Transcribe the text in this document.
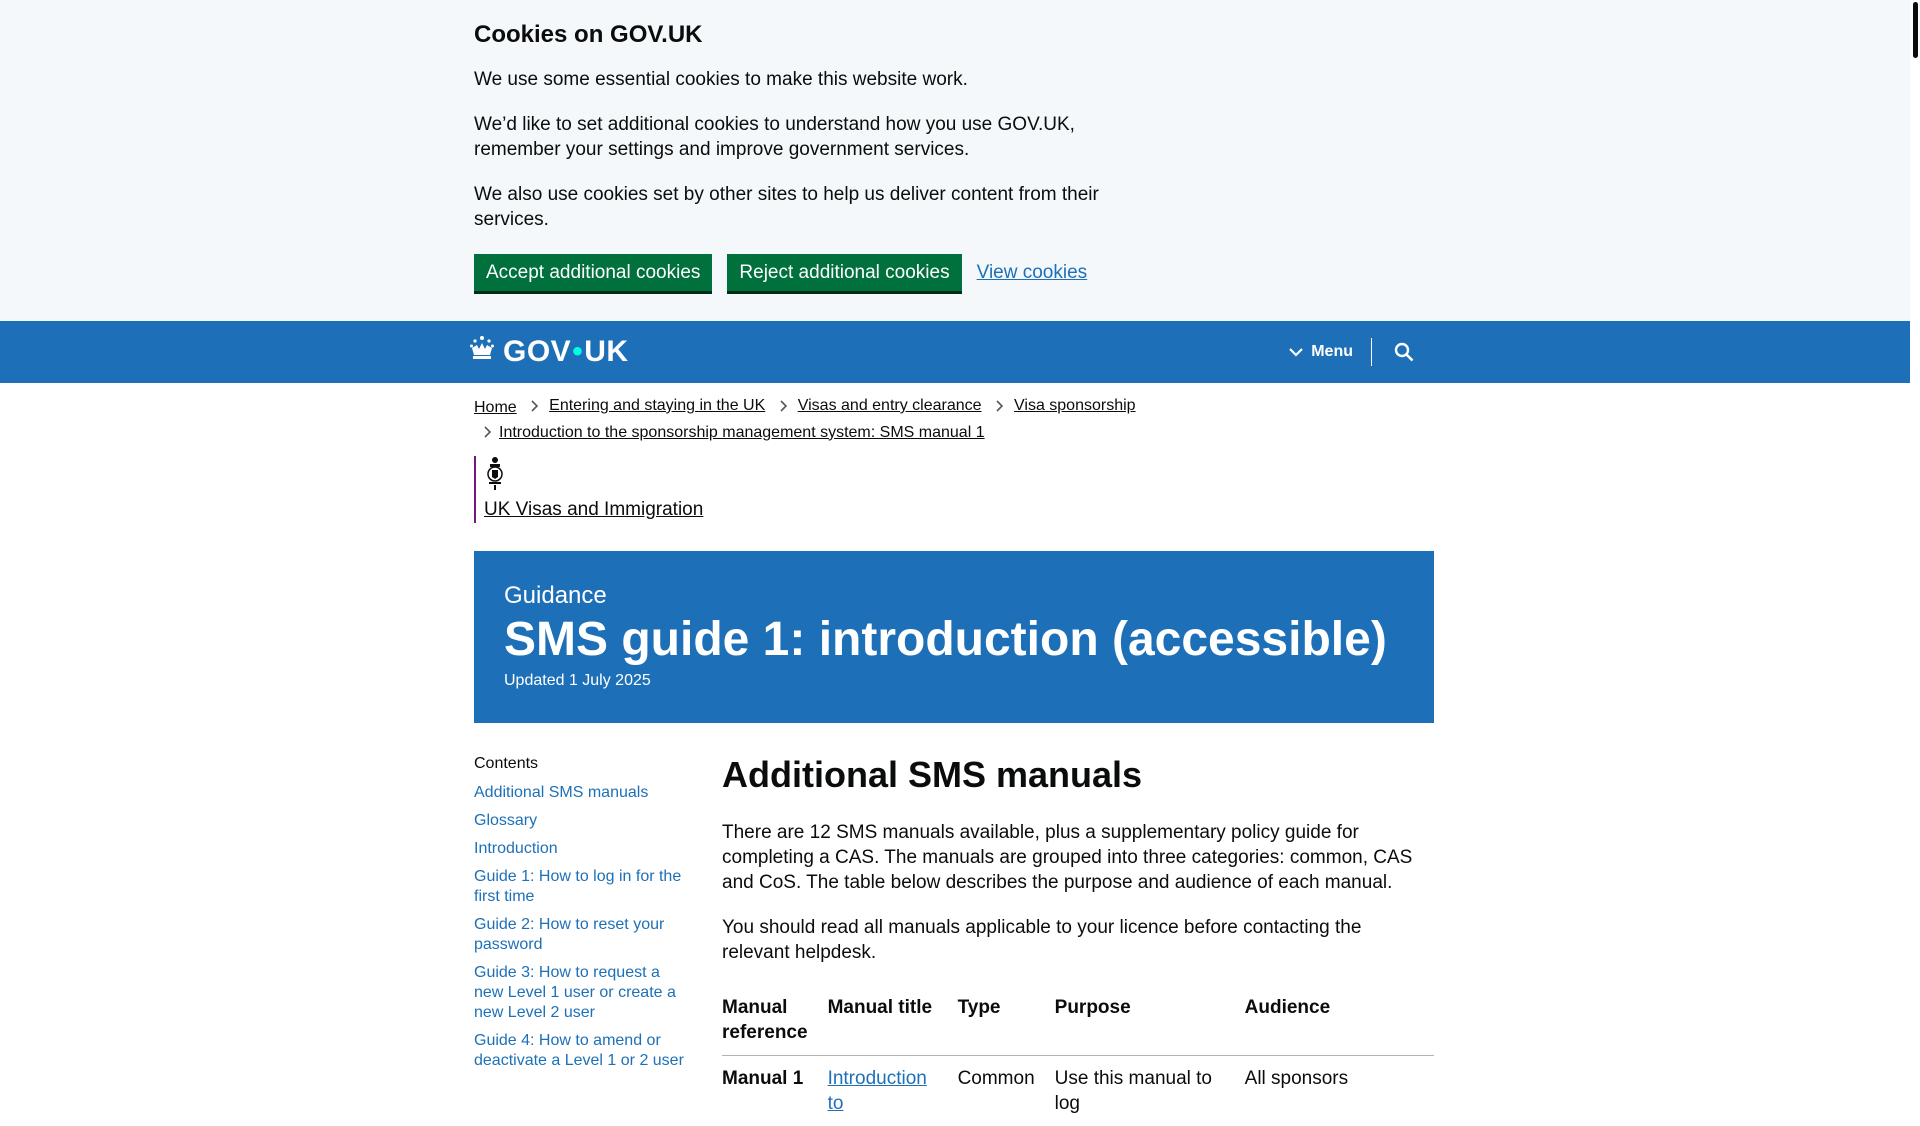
Cookies on GOV.UK

We use some essential cookies to make this website work.

We’d like to set additional cookies to understand how you use GOV.UK, remember your settings and improve government services.

We also use cookies set by other sites to help us deliver content from their services.

Accept additional cookies	Reject additional cookies	View cookies
GOV • UK	Menu
Home
Entering and staying in the UK
Visas and entry clearance
Visa sponsorship
Introduction to the sponsorship management system: SMS manual 1
UK Visas and Immigration
Guidance
SMS guide 1: introduction (accessible)
Updated 1 July 2025
Contents
Additional SMS manuals
Glossary
Introduction
Guide 1: How to log in for the first time
Guide 2: How to reset your password
Guide 3: How to request a new Level 1 user or create a new Level 2 user
Guide 4: How to amend or deactivate a Level 1 or 2 user
Additional SMS manuals

There are 12 SMS manuals available, plus a supplementary policy guide for completing a CAS. The manuals are grouped into three categories: common, CAS and CoS. The table below describes the purpose and audience of each manual.

You should read all manuals applicable to your licence before contacting the relevant helpdesk.

Manual reference	Manual title	Type	Purpose	Audience
Manual 1	Introduction to	Common	Use this manual to log	All sponsors
